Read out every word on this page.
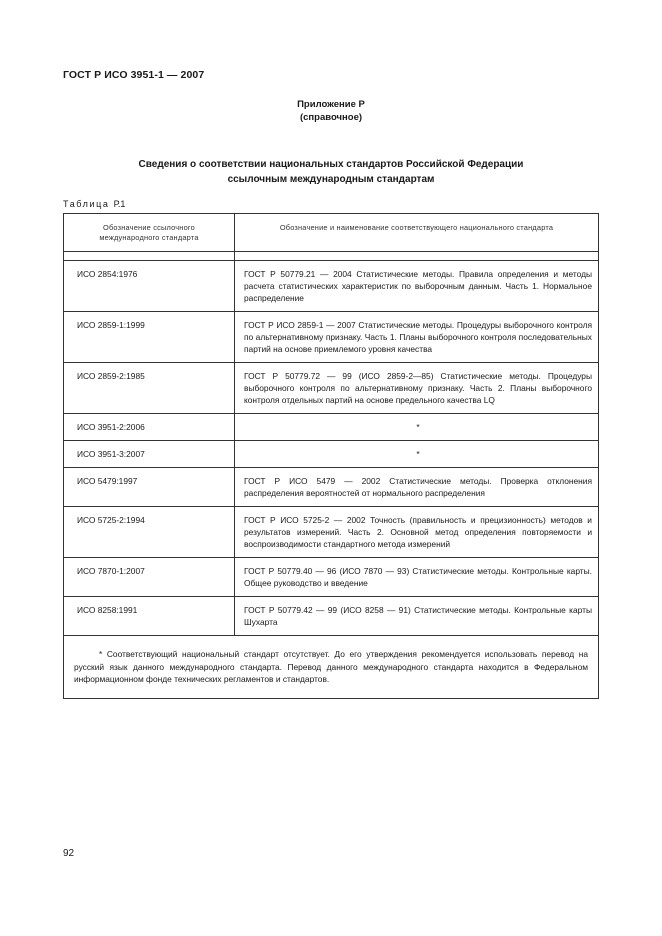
ГОСТ Р ИСО 3951-1 — 2007
Приложение Р
(справочное)
Сведения о соответствии национальных стандартов Российской Федерации
ссылочным международным стандартам
Таблица Р.1
Обозначение ссылочного международного стандарта	Обозначение и наименование соответствующего национального стандарта

ИСО 2854:1976	ГОСТ Р 50779.21 — 2004 Статистические методы. Правила определения и методы расчета статистических характеристик по выборочным данным. Часть 1. Нормальное распределение
ИСО 2859-1:1999	ГОСТ Р ИСО 2859-1 — 2007 Статистические методы. Процедуры выборочного контроля по альтернативному признаку. Часть 1. Планы выборочного контроля последовательных партий на основе приемлемого уровня качества
ИСО 2859-2:1985	ГОСТ Р 50779.72 — 99 (ИСО 2859-2—85) Статистические методы. Процедуры выборочного контроля по альтернативному признаку. Часть 2. Планы выборочного контроля отдельных партий на основе предельного качества LQ
ИСО 3951-2:2006	*
ИСО 3951-3:2007	*
ИСО 5479:1997	ГОСТ Р ИСО 5479 — 2002 Статистические методы. Проверка отклонения распределения вероятностей от нормального распределения
ИСО 5725-2:1994	ГОСТ Р ИСО 5725-2 — 2002 Точность (правильность и прецизионность) методов и результатов измерений. Часть 2. Основной метод определения повторяемости и воспроизводимости стандартного метода измерений
ИСО 7870-1:2007	ГОСТ Р 50779.40 — 96 (ИСО 7870 — 93) Статистические методы. Контрольные карты. Общее руководство и введение
ИСО 8258:1991	ГОСТ Р 50779.42 — 99 (ИСО 8258 — 91) Статистические методы. Контрольные карты Шухарта
* Соответствующий национальный стандарт отсутствует. До его утверждения рекомендуется использовать перевод на русский язык данного международного стандарта. Перевод данного международного стандарта находится в Федеральном информационном фонде технических регламентов и стандартов.	
92
